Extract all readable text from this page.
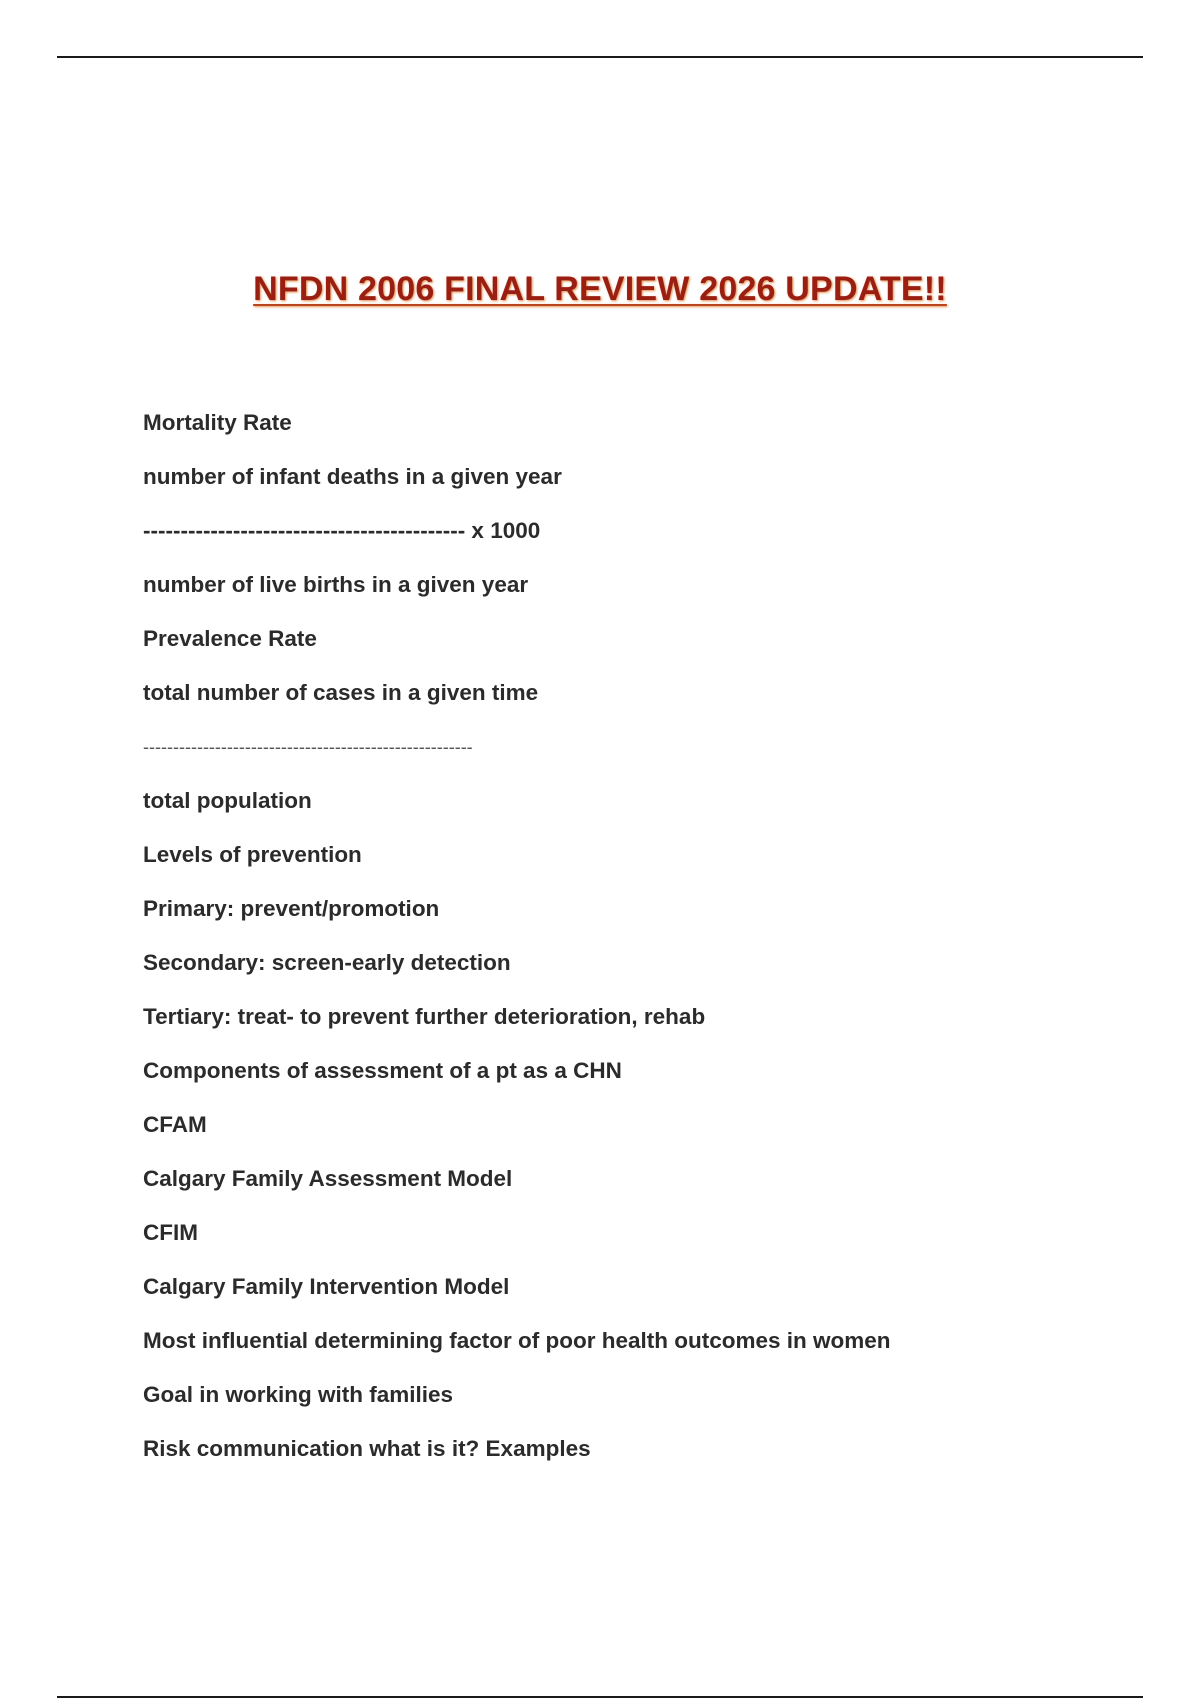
NFDN 2006 FINAL REVIEW 2026 UPDATE!!
Mortality Rate
number of infant deaths in a given year
------------------------------------------- x 1000
number of live births in a given year
Prevalence Rate
total number of cases in a given time
-------------------------------------------------------
total population
Levels of prevention
Primary: prevent/promotion
Secondary: screen-early detection
Tertiary: treat- to prevent further deterioration, rehab
Components of assessment of a pt as a CHN
CFAM
Calgary Family Assessment Model
CFIM
Calgary Family Intervention Model
Most influential determining factor of poor health outcomes in women
Goal in working with families
Risk communication what is it? Examples
